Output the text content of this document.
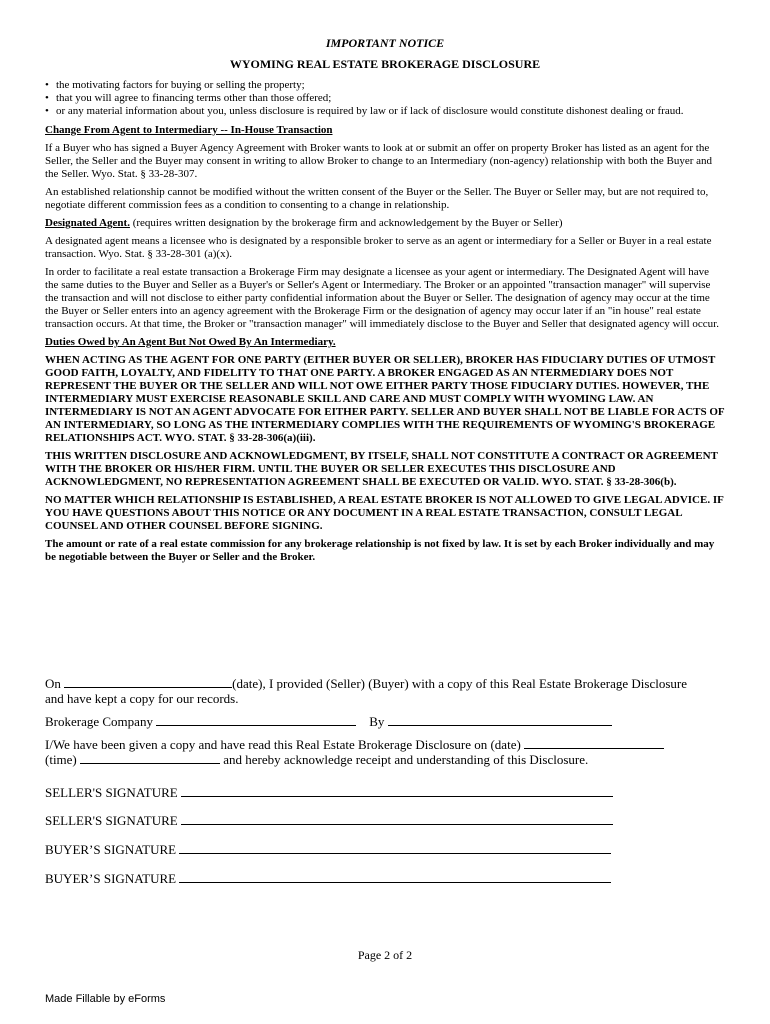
IMPORTANT NOTICE
WYOMING REAL ESTATE BROKERAGE DISCLOSURE
• the motivating factors for buying or selling the property;
• that you will agree to financing terms other than those offered;
• or any material information about you, unless disclosure is required by law or if lack of disclosure would constitute dishonest dealing or fraud.
Change From Agent to Intermediary -- In-House Transaction

If a Buyer who has signed a Buyer Agency Agreement with Broker wants to look at or submit an offer on property Broker has listed as an agent for the Seller, the Seller and the Buyer may consent in writing to allow Broker to change to an Intermediary (non-agency) relationship with both the Buyer and the Seller. Wyo. Stat. § 33-28-307.

An established relationship cannot be modified without the written consent of the Buyer or the Seller. The Buyer or Seller may, but are not required to, negotiate different commission fees as a condition to consenting to a change in relationship.

Designated Agent. (requires written designation by the brokerage firm and acknowledgement by the Buyer or Seller)

A designated agent means a licensee who is designated by a responsible broker to serve as an agent or intermediary for a Seller or Buyer in a real estate transaction. Wyo. Stat. § 33-28-301 (a)(x).

In order to facilitate a real estate transaction a Brokerage Firm may designate a licensee as your agent or intermediary. The Designated Agent will have the same duties to the Buyer and Seller as a Buyer's or Seller's Agent or Intermediary. The Broker or an appointed "transaction manager" will supervise the transaction and will not disclose to either party confidential information about the Buyer or Seller. The designation of agency may occur at the time the Buyer or Seller enters into an agency agreement with the Brokerage Firm or the designation of agency may occur later if an "in house" real estate transaction occurs. At that time, the Broker or "transaction manager" will immediately disclose to the Buyer and Seller that designated agency will occur.

Duties Owed by An Agent But Not Owed By An Intermediary.

WHEN ACTING AS THE AGENT FOR ONE PARTY (EITHER BUYER OR SELLER), BROKER HAS FIDUCIARY DUTIES OF UTMOST GOOD FAITH, LOYALTY, AND FIDELITY TO THAT ONE PARTY. A BROKER ENGAGED AS AN NTERMEDIARY DOES NOT REPRESENT THE BUYER OR THE SELLER AND WILL NOT OWE EITHER PARTY THOSE FIDUCIARY DUTIES. HOWEVER, THE INTERMEDIARY MUST EXERCISE REASONABLE SKILL AND CARE AND MUST COMPLY WITH WYOMING LAW. AN INTERMEDIARY IS NOT AN AGENT ADVOCATE FOR EITHER PARTY. SELLER AND BUYER SHALL NOT BE LIABLE FOR ACTS OF AN INTERMEDIARY, SO LONG AS THE INTERMEDIARY COMPLIES WITH THE REQUIREMENTS OF WYOMING'S BROKERAGE RELATIONSHIPS ACT. WYO. STAT. § 33-28-306(a)(iii).

THIS WRITTEN DISCLOSURE AND ACKNOWLEDGMENT, BY ITSELF, SHALL NOT CONSTITUTE A CONTRACT OR AGREEMENT WITH THE BROKER OR HIS/HER FIRM. UNTIL THE BUYER OR SELLER EXECUTES THIS DISCLOSURE AND ACKNOWLEDGMENT, NO REPRESENTATION AGREEMENT SHALL BE EXECUTED OR VALID. WYO. STAT. § 33-28-306(b).

NO MATTER WHICH RELATIONSHIP IS ESTABLISHED, A REAL ESTATE BROKER IS NOT ALLOWED TO GIVE LEGAL ADVICE. IF YOU HAVE QUESTIONS ABOUT THIS NOTICE OR ANY DOCUMENT IN A REAL ESTATE TRANSACTION, CONSULT LEGAL COUNSEL AND OTHER COUNSEL BEFORE SIGNING.

The amount or rate of a real estate commission for any brokerage relationship is not fixed by law. It is set by each Broker individually and may be negotiable between the Buyer or Seller and the Broker.

On	(date), I provided (Seller) (Buyer) with a copy of this Real Estate Brokerage Disclosure
and have kept a copy for our records.
Brokerage Company	By
I/We have been given a copy and have read this Real Estate Brokerage Disclosure on (date)
(time)	and hereby acknowledge receipt and understanding of this Disclosure.
SELLER'S SIGNATURE
SELLER'S SIGNATURE
BUYER’S SIGNATURE
BUYER’S SIGNATURE
Page 2 of 2
Made Fillable by eForms
